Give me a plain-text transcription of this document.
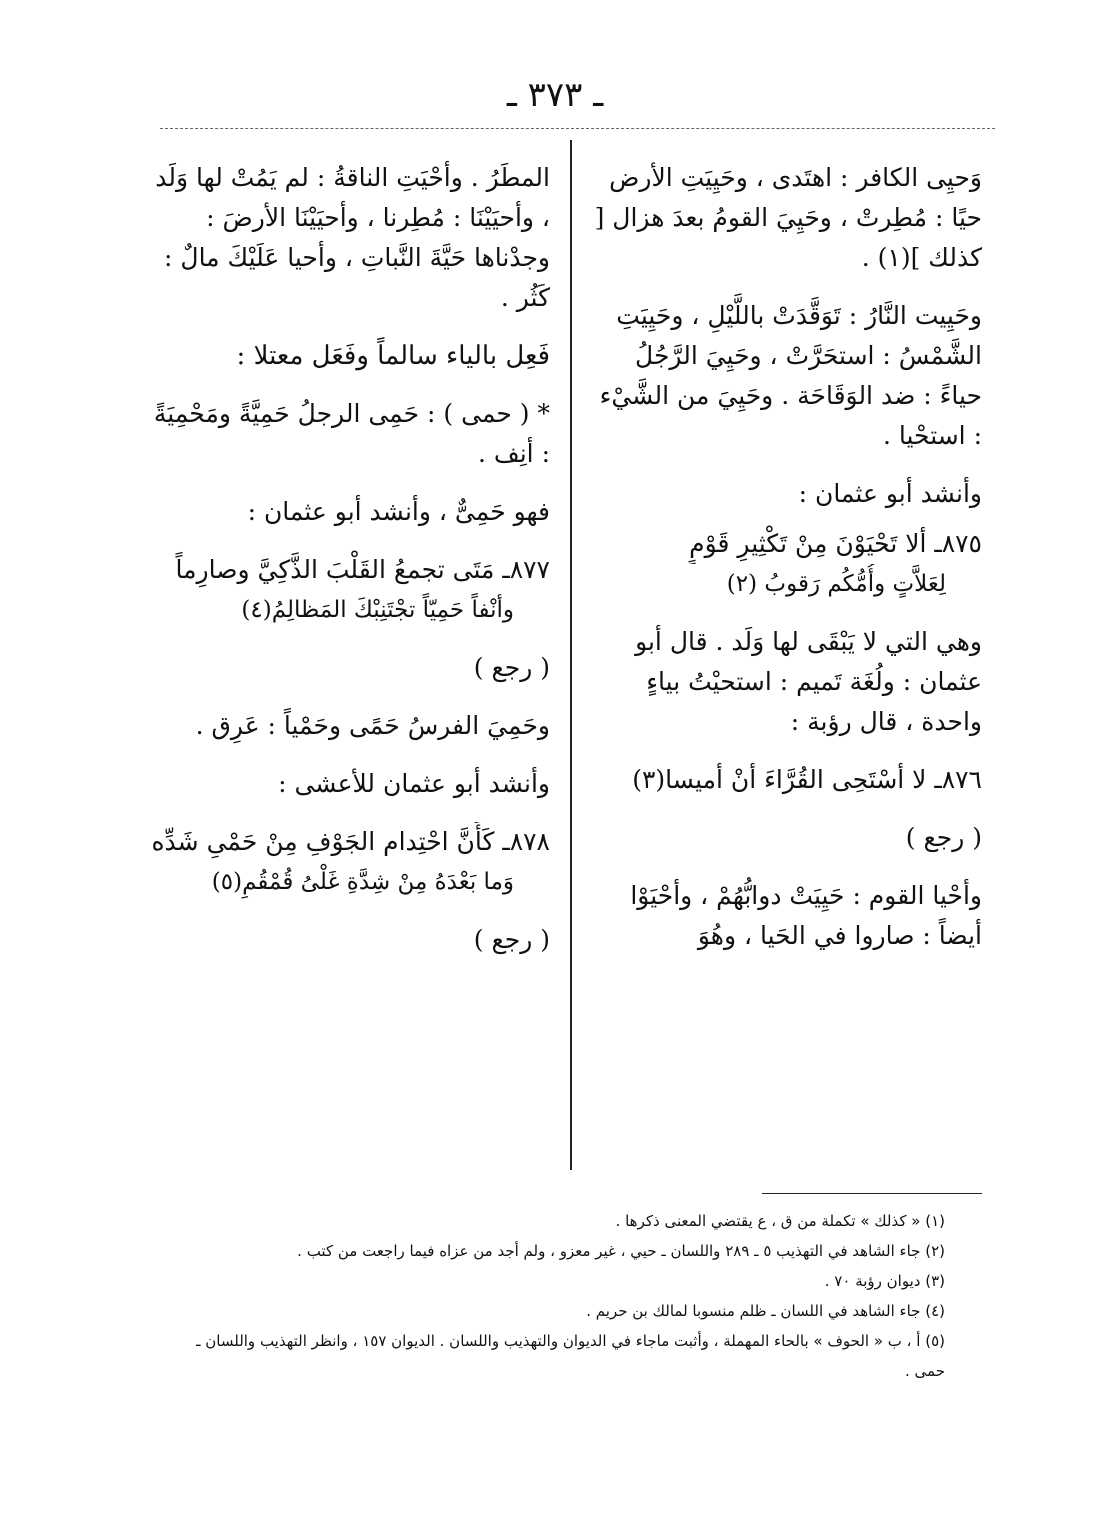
ـ ٣٧٣ ـ

وَحيِى الكافر : اهتَدى ، وحَيِيَتِ الأرض حيًا : مُطِرتْ ، وحَيِيَ القومُ بعدَ هزال [ كذلك ](١) .

وحَيِيت النَّارُ : تَوَقَّدَتْ باللَّيْلِ ، وحَيِيَتِ الشَّمْسُ : استحَرَّتْ ، وحَيِيَ الرَّجُلُ حياءً : ضد الوَقَاحَة . وحَيِيَ من الشَّيْء : استحْيا .

وأنشد أبو عثمان :

٨٧٥ـ ألا تَحْيَوْنَ مِنْ تَكْثِيرِ قَوْمٍ
لِعَلاَّتٍ وأُمُّكُم رَقوبُ (٢)

وهي التي لا يَبْقَى لها وَلَد . قال أبو عثمان : ولُغَة تَميم : استحيْتُ بياءٍ واحدة ، قال رؤبة :

٨٧٦ـ لا أسْتَحِى القُرَّاءَ أنْ أميسا(٣)

( رجع )

وأحْيا القوم : حَيِيَتْ دوابُّهُمْ ، وأحْيَوْا أيضاً : صاروا في الحَيا ، وهُوَ

المطَرُ . وأحْيَتِ الناقةُ : لم يَمُتْ لها وَلَد ، وأحيَيْنَا : مُطِرنا ، وأحيَيْنَا الأرضَ : وجدْناها حَيَّةَ النَّباتِ ، وأحيا عَلَيْكَ مالٌ : كَثُر .

فَعِل بالياء سالماً وفَعَل معتلا :

* ( حمى ) : حَمِى الرجلُ حَمِيَّةً ومَحْمِيَةً : أنِف .

فهو حَمِىٌّ ، وأنشد أبو عثمان :

٨٧٧ـ مَتَى تجمعُ القَلْبَ الذَّكِيَّ وصارِماً
وأنْفاً حَمِيّاً تجْتَنِبْكَ المَظالِمُ(٤)

( رجع )

وحَمِيَ الفرسُ حَمًى وحَمْياً : عَرِق .

وأنشد أبو عثمان للأعشى :

٨٧٨ـ كَأَنَّ احْتِدام الجَوْفِ مِنْ حَمْىِ شَدِّه
وَما بَعْدَهُ مِنْ شِدَّةِ غَلْىُ قُمْقُمِ(٥)

( رجع )

(١) « كذلك » تكملة من ق ، ع يقتضي المعنى ذكرها .

(٢) جاء الشاهد في التهذيب ٥ ـ ٢٨٩ واللسان ـ حيي ، غير معزو ، ولم أجد من عزاه فيما راجعت من كتب .

(٣) ديوان رؤبة ٧٠ .

(٤) جاء الشاهد في اللسان ـ ظلم منسوبا لمالك بن حريم .

(٥) أ ، ب « الحوف » بالحاء المهملة ، وأثبت ماجاء في الديوان والتهذيب واللسان . الديوان ١٥٧ ، وانظر التهذيب واللسان ـ حمى .
